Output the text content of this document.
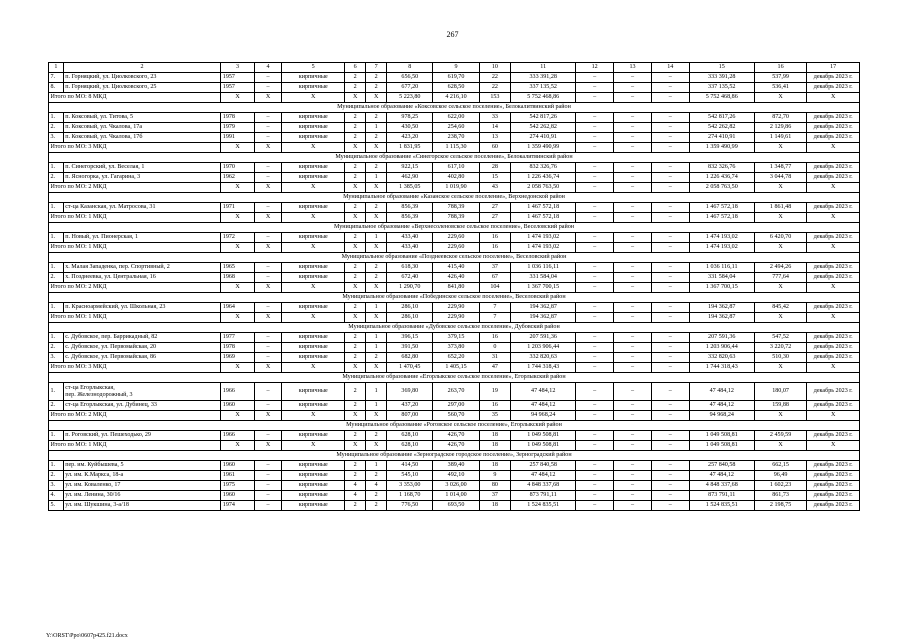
267
1	2	3	4	5	6	7	8	9	10	11	12	13	14	15	16	17
7.	п. Горняцкий, ул. Циолковского, 23	1957	–	кирпичные	2	2	656,50	619,70	22	333 391,28	–	–	–	333 391,28	537,99	декабрь 2023 г.
8.	п. Горняцкий, ул. Циолковского, 25	1957	–	кирпичные	2	2	677,20	628,50	22	337 135,52	–	–	–	337 135,52	536,41	декабрь 2023 г.
Итого по МО: 8 МКД		Х	Х	Х	Х	Х	5 223,80	4 216,10	153	5 752 468,86	–	–	–	5 752 468,86	Х	Х
Муниципальное образование «Коксовское сельское поселение», Белокалитвинский район																
1.	п. Коксовый, ул. Титова, 5	1978	–	кирпичные	2	2	978,25	622,00	33	542 817,26	–	–	–	542 817,26	872,70	декабрь 2023 г.
2.	п. Коксовый, ул. Чкалова, 17а	1979	–	кирпичные	2	1	430,50	254,60	14	542 262,82	–	–	–	542 262,82	2 129,86	декабрь 2023 г.
3.	п. Коксовый, ул. Чкалова, 17б	1991	–	кирпичные	2	2	423,20	238,70	13	274 410,91	–	–	–	274 410,91	1 149,61	декабрь 2023 г.
Итого по МО: 3 МКД		Х	Х	Х	Х	Х	1 831,95	1 115,30	60	1 359 490,99	–	–	–	1 359 490,99	Х	Х
Муниципальное образование «Синегорское сельское поселение», Белокалитвинский район																
1.	п. Синегорский, ул. Веселая, 1	1970	–	кирпичные	2	2	922,15	617,10	28	832 326,76	–	–	–	832 326,76	1 348,77	декабрь 2023 г.
2.	п. Ясногорка, ул. Гагарина, 3	1962	–	кирпичные	2	1	462,90	402,80	15	1 226 436,74	–	–	–	1 226 436,74	3 044,78	декабрь 2023 г.
Итого по МО: 2 МКД		Х	Х	Х	Х	Х	1 385,05	1 019,90	43	2 058 763,50	–	–	–	2 058 763,50	Х	Х
Муниципальное образование «Казанское сельское поселение», Верхнедонской район																
1.	ст-ца Казанская, ул. Матросова, 31	1971	–	кирпичные	2	2	856,39	788,39	27	1 467 572,18	–	–	–	1 467 572,18	1 861,48	декабрь 2023 г.
Итого по МО: 1 МКД		Х	Х	Х	Х	Х	856,39	788,39	27	1 467 572,18	–	–	–	1 467 572,18	Х	Х
Муниципальное образование «Верхнесоленовское сельское поселение», Веселовский район																
1.	п. Новый, ул. Пионерская, 1	1972	–	кирпичные	2	1	433,40	229,60	16	1 474 193,02	–	–	–	1 474 193,02	6 420,70	декабрь 2023 г.
Итого по МО: 1 МКД		Х	Х	Х	Х	Х	433,40	229,60	16	1 474 193,02	–	–	–	1 474 193,02	Х	Х
Муниципальное образование «Позднеевское сельское поселение», Веселовский район																
1.	х. Малая Западенка, пер. Спортивный, 2	1965	–	кирпичные	2	2	618,30	415,40	37	1 036 116,11	–	–	–	1 036 116,11	2 494,26	декабрь 2023 г.
2.	х. Позднеевка, ул. Центральная, 16	1968	–	кирпичные	2	2	672,40	426,40	67	331 584,04	–	–	–	331 584,04	777,64	декабрь 2023 г.
Итого по МО: 2 МКД		Х	Х	Х	Х	Х	1 290,70	841,80	104	1 367 700,15	–	–	–	1 367 700,15	Х	Х
Муниципальное образование «Побединское сельское поселение», Веселовский район																
1.	п. Красноармейский, ул. Школьная, 23	1964	–	кирпичные	2	1	286,10	229,90	7	194 362,87	–	–	–	194 362,87	845,42	декабрь 2023 г.
Итого по МО: 1 МКД		Х	Х	Х	Х	Х	286,10	229,90	7	194 362,87	–	–	–	194 362,87	Х	Х
Муниципальное образование «Дубовское сельское поселение», Дубовский район																
1.	с. Дубовское, пер. Баррикадный, 82	1977	–	кирпичные	2	1	396,15	379,15	16	207 591,36	–	–	–	207 591,36	547,52	декабрь 2023 г.
2.	с. Дубовское, ул. Первомайская, 20	1978	–	кирпичные	2	1	391,50	373,80	0	1 203 906,44	–	–	–	1 203 906,44	3 220,72	декабрь 2023 г.
3.	с. Дубовское, ул. Первомайская, 86	1969	–	кирпичные	2	2	682,80	652,20	31	332 820,63	–	–	–	332 820,63	510,30	декабрь 2023 г.
Итого по МО: 3 МКД		Х	Х	Х	Х	Х	1 470,45	1 405,15	47	1 744 318,43	–	–	–	1 744 318,43	Х	Х
Муниципальное образование «Егорлыкское сельское поселение», Егорлыкский район																
1.	ст-ца Егорлыкская,
пер. Железнодорожный, 3	1966	–	кирпичные	2	1	369,80	263,70	19	47 484,12	–	–	–	47 484,12	180,07	декабрь 2023 г.
2.	ст-ца Егорлыкская, ул. Дубинец, 33	1960	–	кирпичные	2	1	437,20	297,00	16	47 484,12	–	–	–	47 484,12	159,88	декабрь 2023 г.
Итого по МО: 2 МКД		Х	Х	Х	Х	Х	807,00	560,70	35	94 968,24	–	–	–	94 968,24	Х	Х
Муниципальное образование «Роговское сельское поселение», Егорлыкский район																
1.	п. Роговский, ул. Пешеходько, 29	1966	–	кирпичные	2	2	628,10	426,70	18	1 049 508,81	–	–	–	1 049 508,81	2 459,59	декабрь 2023 г.
Итого по МО: 1 МКД		Х	Х	Х	Х	Х	628,10	426,70	18	1 049 508,81	–	–	–	1 049 508,81	Х	Х
Муниципальное образование «Зерноградское городское поселение», Зерноградский район																
1.	пер. им. Куйбышева, 5	1960	–	кирпичные	2	1	414,50	389,40	18	257 840,58	–	–	–	257 840,58	662,15	декабрь 2023 г.
2.	ул. им. К.Маркса, 18-а	1961	–	кирпичные	2	2	545,10	492,10	9	47 484,12	–	–	–	47 484,12	96,49	декабрь 2023 г.
3.	ул. им. Коваленко, 17	1975	–	кирпичные	4	4	3 353,00	3 026,00	80	4 848 337,68	–	–	–	4 848 337,68	1 602,23	декабрь 2023 г.
4.	ул. им. Ленина, 30/16	1960	–	кирпичные	4	2	1 168,70	1 014,00	37	873 791,11	–	–	–	873 791,11	861,73	декабрь 2023 г.
5.	ул. им. Шукшина, 3-а/18	1974	–	кирпичные	2	2	776,50	693,50	18	1 524 835,51	–	–	–	1 524 835,51	2 198,75	декабрь 2023 г.
Y:\ORST\Ppo\0607p425.f21.docx
